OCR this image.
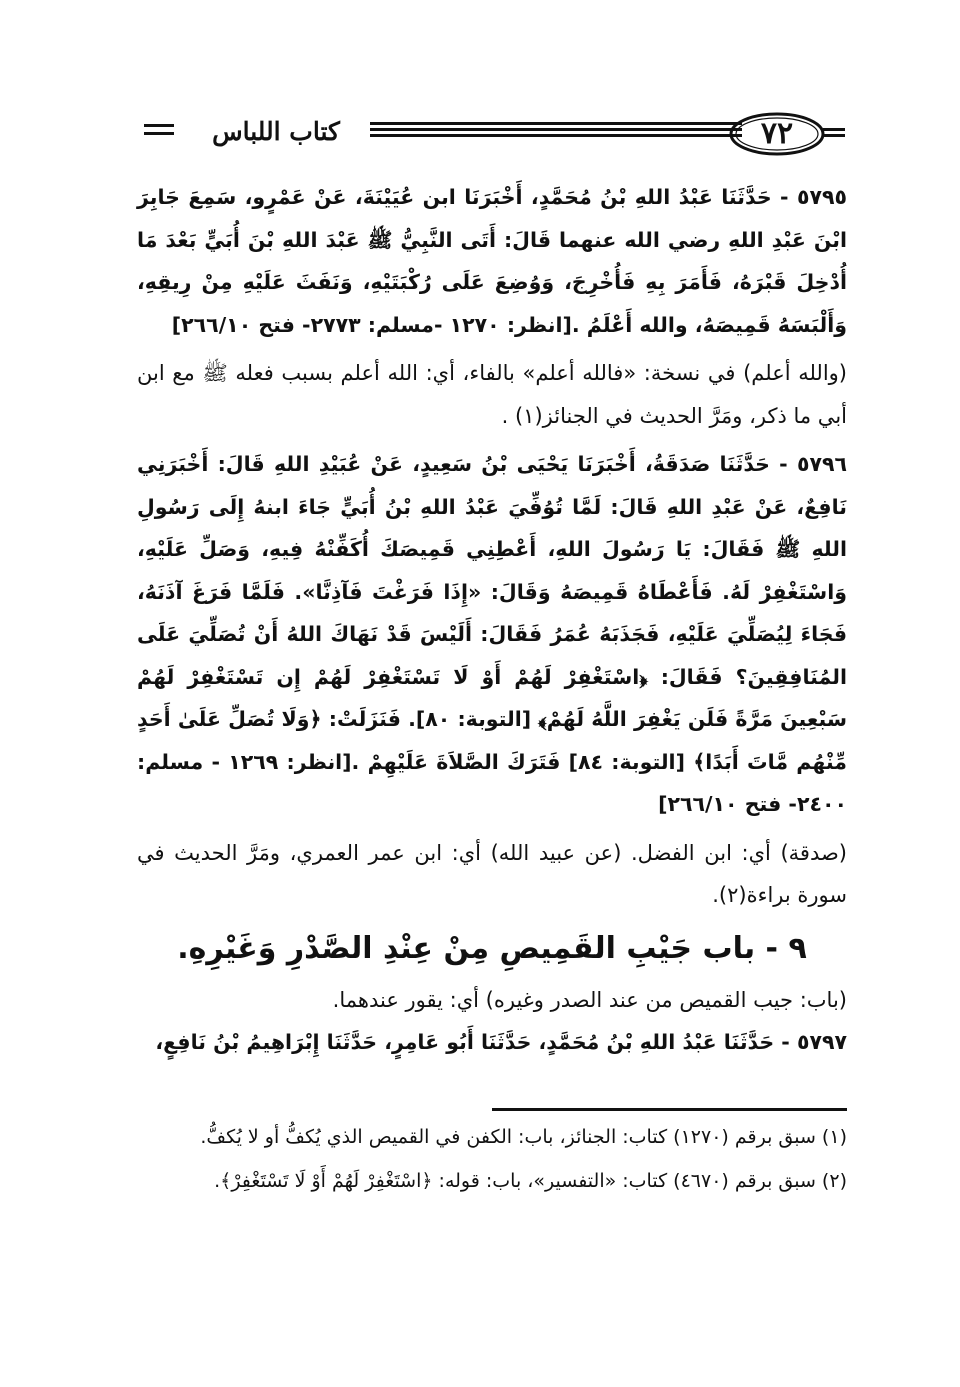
٧٢
كتاب اللباس

٥٧٩٥ - حَدَّثَنَا عَبْدُ اللهِ بْنُ مُحَمَّدٍ، أَخْبَرَنَا ابن عُيَيْنَةَ، عَنْ عَمْرٍو، سَمِعَ جَابِرَ ابْنَ عَبْدِ اللهِ رضي الله عنهما قَالَ: أَتَى النَّبِيُّ ﷺ عَبْدَ اللهِ بْنَ أُبَيٍّ بَعْدَ مَا أُدْخِلَ قَبْرَهُ، فَأَمَرَ بِهِ فَأُخْرِجَ، وَوُضِعَ عَلَى رُكْبَتَيْهِ، وَنَفَثَ عَلَيْهِ مِنْ رِيقِهِ، وَأَلْبَسَهُ قَمِيصَهُ، والله أَعْلَمُ .[انظر: ١٢٧٠ -مسلم: ٢٧٧٣- فتح ٢٦٦/١٠]

(والله أعلم) في نسخة: «فالله أعلم» بالفاء، أي: الله أعلم بسبب فعله ﷺ مع ابن أبي ما ذكر، ومَرَّ الحديث في الجنائز(١) .

٥٧٩٦ - حَدَّثَنَا صَدَقَةُ، أَخْبَرَنَا يَحْيَى بْنُ سَعِيدٍ، عَنْ عُبَيْدِ اللهِ قَالَ: أَخْبَرَنِي نَافِعٌ، عَنْ عَبْدِ اللهِ قَالَ: لَمَّا تُوُفِّيَ عَبْدُ اللهِ بْنُ أُبَيٍّ جَاءَ ابنهُ إِلَى رَسُولِ اللهِ ﷺ فَقَالَ: يَا رَسُولَ اللهِ، أَعْطِنِي قَمِيصَكَ أُكَفِّنْهُ فِيهِ، وَصَلِّ عَلَيْهِ، وَاسْتَغْفِرْ لَهُ. فَأَعْطَاهُ قَمِيصَهُ وَقَالَ: «إِذَا فَرَغْتَ فَآذِنَّا». فَلَمَّا فَرَغَ آذَنَهُ، فَجَاءَ لِيُصَلِّيَ عَلَيْهِ، فَجَذَبَهُ عُمَرُ فَقَالَ: أَلَيْسَ قَدْ نَهَاكَ اللهُ أَنْ تُصَلِّيَ عَلَى المُنَافِقِينَ؟ فَقَالَ: ﴿اسْتَغْفِرْ لَهُمْ أَوْ لَا تَسْتَغْفِرْ لَهُمْ إِن تَسْتَغْفِرْ لَهُمْ سَبْعِينَ مَرَّةً فَلَن يَغْفِرَ اللَّهُ لَهُمْ﴾ [التوبة: ٨٠]. فَنَزَلَتْ: ﴿وَلَا تُصَلِّ عَلَىٰ أَحَدٍ مِّنْهُم مَّاتَ أَبَدًا﴾ [التوبة: ٨٤] فَتَرَكَ الصَّلاَةَ عَلَيْهِمْ .[انظر: ١٢٦٩ - مسلم: ٢٤٠٠- فتح ٢٦٦/١٠]

(صدقة) أي: ابن الفضل. (عن عبيد الله) أي: ابن عمر العمري، ومَرَّ الحديث في سورة براءة(٢).

٩ - باب جَيْبِ القَمِيصِ مِنْ عِنْدِ الصَّدْرِ وَغَيْرِهِ.

(باب: جيب القميص من عند الصدر وغيره) أي: يقور عندهما.

٥٧٩٧ - حَدَّثَنَا عَبْدُ اللهِ بْنُ مُحَمَّدٍ، حَدَّثَنَا أَبُو عَامِرٍ، حَدَّثَنَا إِبْرَاهِيمُ بْنُ نَافِعٍ،

(١) سبق برقم (١٢٧٠) كتاب: الجنائز، باب: الكفن في القميص الذي يُكفُّ أو لا يُكفُّ.

(٢) سبق برقم (٤٦٧٠) كتاب: «التفسير»، باب: قوله: ﴿اسْتَغْفِرْ لَهُمْ أَوْ لَا تَسْتَغْفِرْ﴾.
